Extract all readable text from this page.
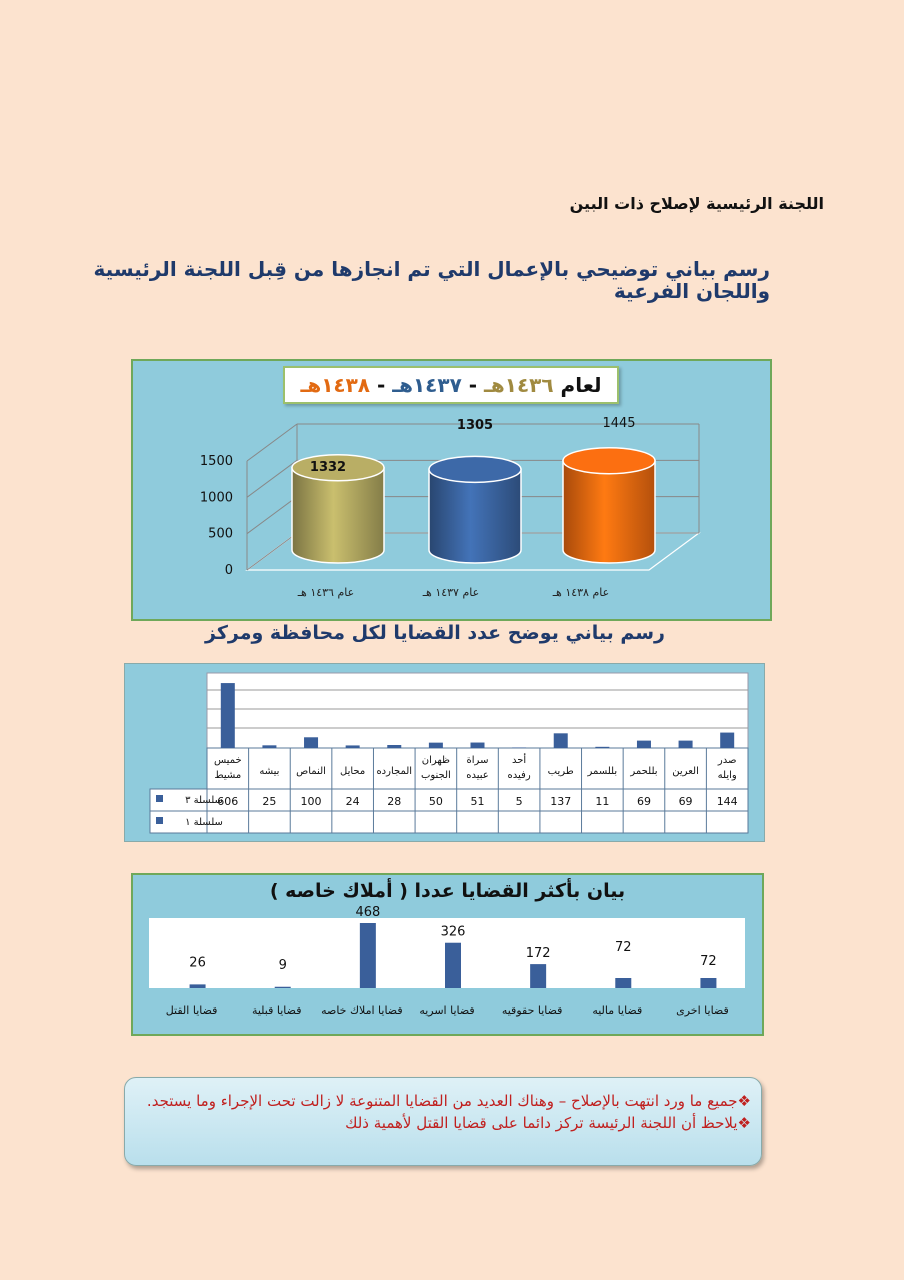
اللجنة الرئيسية لإصلاح ذات البين
رسم بياني توضيحي بالإعمال التي تم انجازها من قِبل اللجنة الرئيسية واللجان الفرعية
لعام ١٤٣٦هـ - ١٤٣٧هـ - ١٤٣٨هـ
0
500
1000
1500	1332
عام ١٤٣٦ هـ
1305
عام ١٤٣٧ هـ
1445
عام ١٤٣٨ هـ
رسم بياني يوضح عدد القضايا لكل محافظة ومركز
صدر
وايله
144
العرين
69
بللحمر
69
بللسمر
11
طريب
137
أحد
رفيده
5
سراة
عبيده
51
ظهران
الجنوب
50
المجارده
28
محايل
24
النماص
100
بيشه
25
خميس
مشيط
606
سلسلة ٣
سلسلة ١
بيان بأكثر القضايا عددا ( أملاك خاصه )
72
قضايا اخرى
72
قضايا ماليه
172
قضايا حقوقيه
326
قضايا اسريه
468
قضايا املاك خاصه
9
قضايا قبلية
26
قضايا القتل
❖جميع ما ورد انتهت بالإصلاح – وهناك العديد من القضايا المتنوعة لا زالت تحت الإجراء وما يستجد.
❖يلاحظ أن اللجنة الرئيسة تركز دائما على قضايا القتل لأهمية ذلك
